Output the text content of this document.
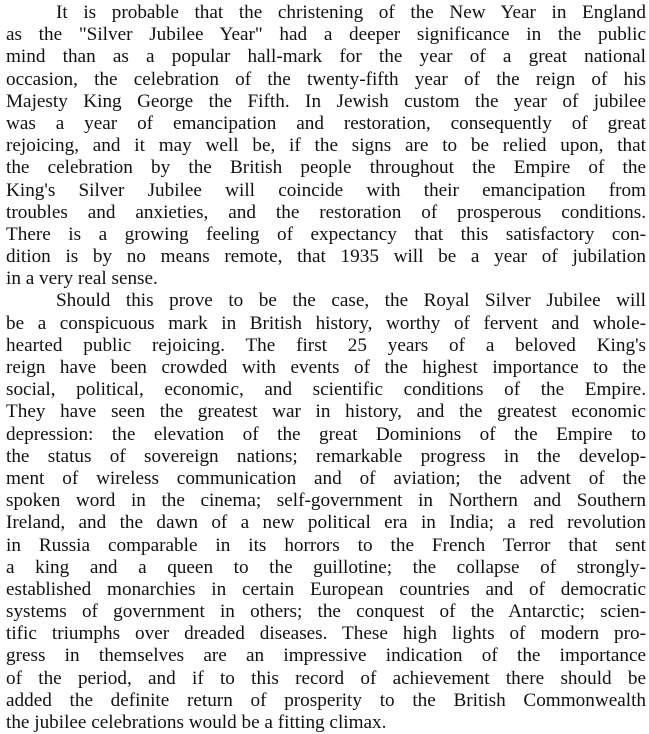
It is probable that the christening of the New Year in England
as the "Silver Jubilee Year" had a deeper significance in the public
mind than as a popular hall-mark for the year of a great national
occasion, the celebration of the twenty-fifth year of the reign of his
Majesty King George the Fifth. In Jewish custom the year of jubilee
was a year of emancipation and restoration, consequently of great
rejoicing, and it may well be, if the signs are to be relied upon, that
the celebration by the British people throughout the Empire of the
King's Silver Jubilee will coincide with their emancipation from
troubles and anxieties, and the restoration of prosperous conditions.
There is a growing feeling of expectancy that this satisfactory con-
dition is by no means remote, that 1935 will be a year of jubilation
in a very real sense.
Should this prove to be the case, the Royal Silver Jubilee will
be a conspicuous mark in British history, worthy of fervent and whole-
hearted public rejoicing. The first 25 years of a beloved King's
reign have been crowded with events of the highest importance to the
social, political, economic, and scientific conditions of the Empire.
They have seen the greatest war in history, and the greatest economic
depression: the elevation of the great Dominions of the Empire to
the status of sovereign nations; remarkable progress in the develop-
ment of wireless communication and of aviation; the advent of the
spoken word in the cinema; self-government in Northern and Southern
Ireland, and the dawn of a new political era in India; a red revolution
in Russia comparable in its horrors to the French Terror that sent
a king and a queen to the guillotine; the collapse of strongly-
established monarchies in certain European countries and of democratic
systems of government in others; the conquest of the Antarctic; scien-
tific triumphs over dreaded diseases. These high lights of modern pro-
gress in themselves are an impressive indication of the importance
of the period, and if to this record of achievement there should be
added the definite return of prosperity to the British Commonwealth
the jubilee celebrations would be a fitting climax.
